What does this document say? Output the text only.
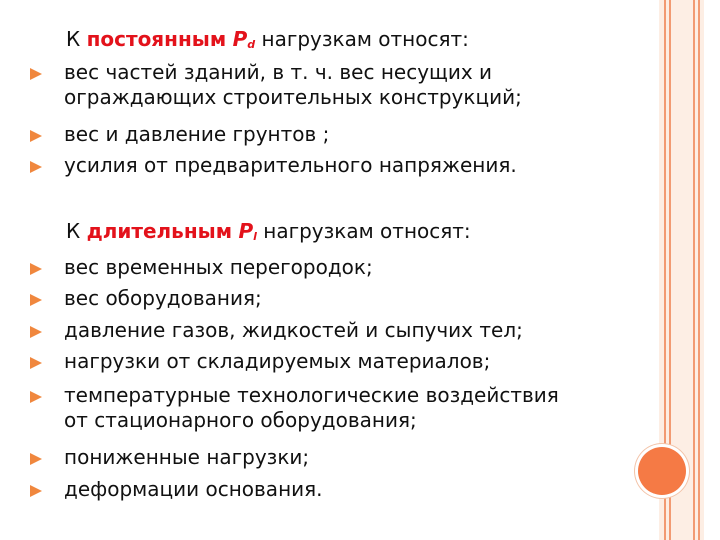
К постоянным $P_d$ нагрузкам относят:
вес частей зданий, в т. ч. вес несущих и
ограждающих строительных конструкций;
вес и давление грунтов ;
усилия от предварительного напряжения.
К длительным $P_l$ нагрузкам относят:
вес временных перегородок;
вес оборудования;
давление газов, жидкостей и сыпучих тел;
нагрузки от складируемых материалов;
температурные технологические воздействия
от стационарного оборудования;
пониженные нагрузки;
деформации основания.
